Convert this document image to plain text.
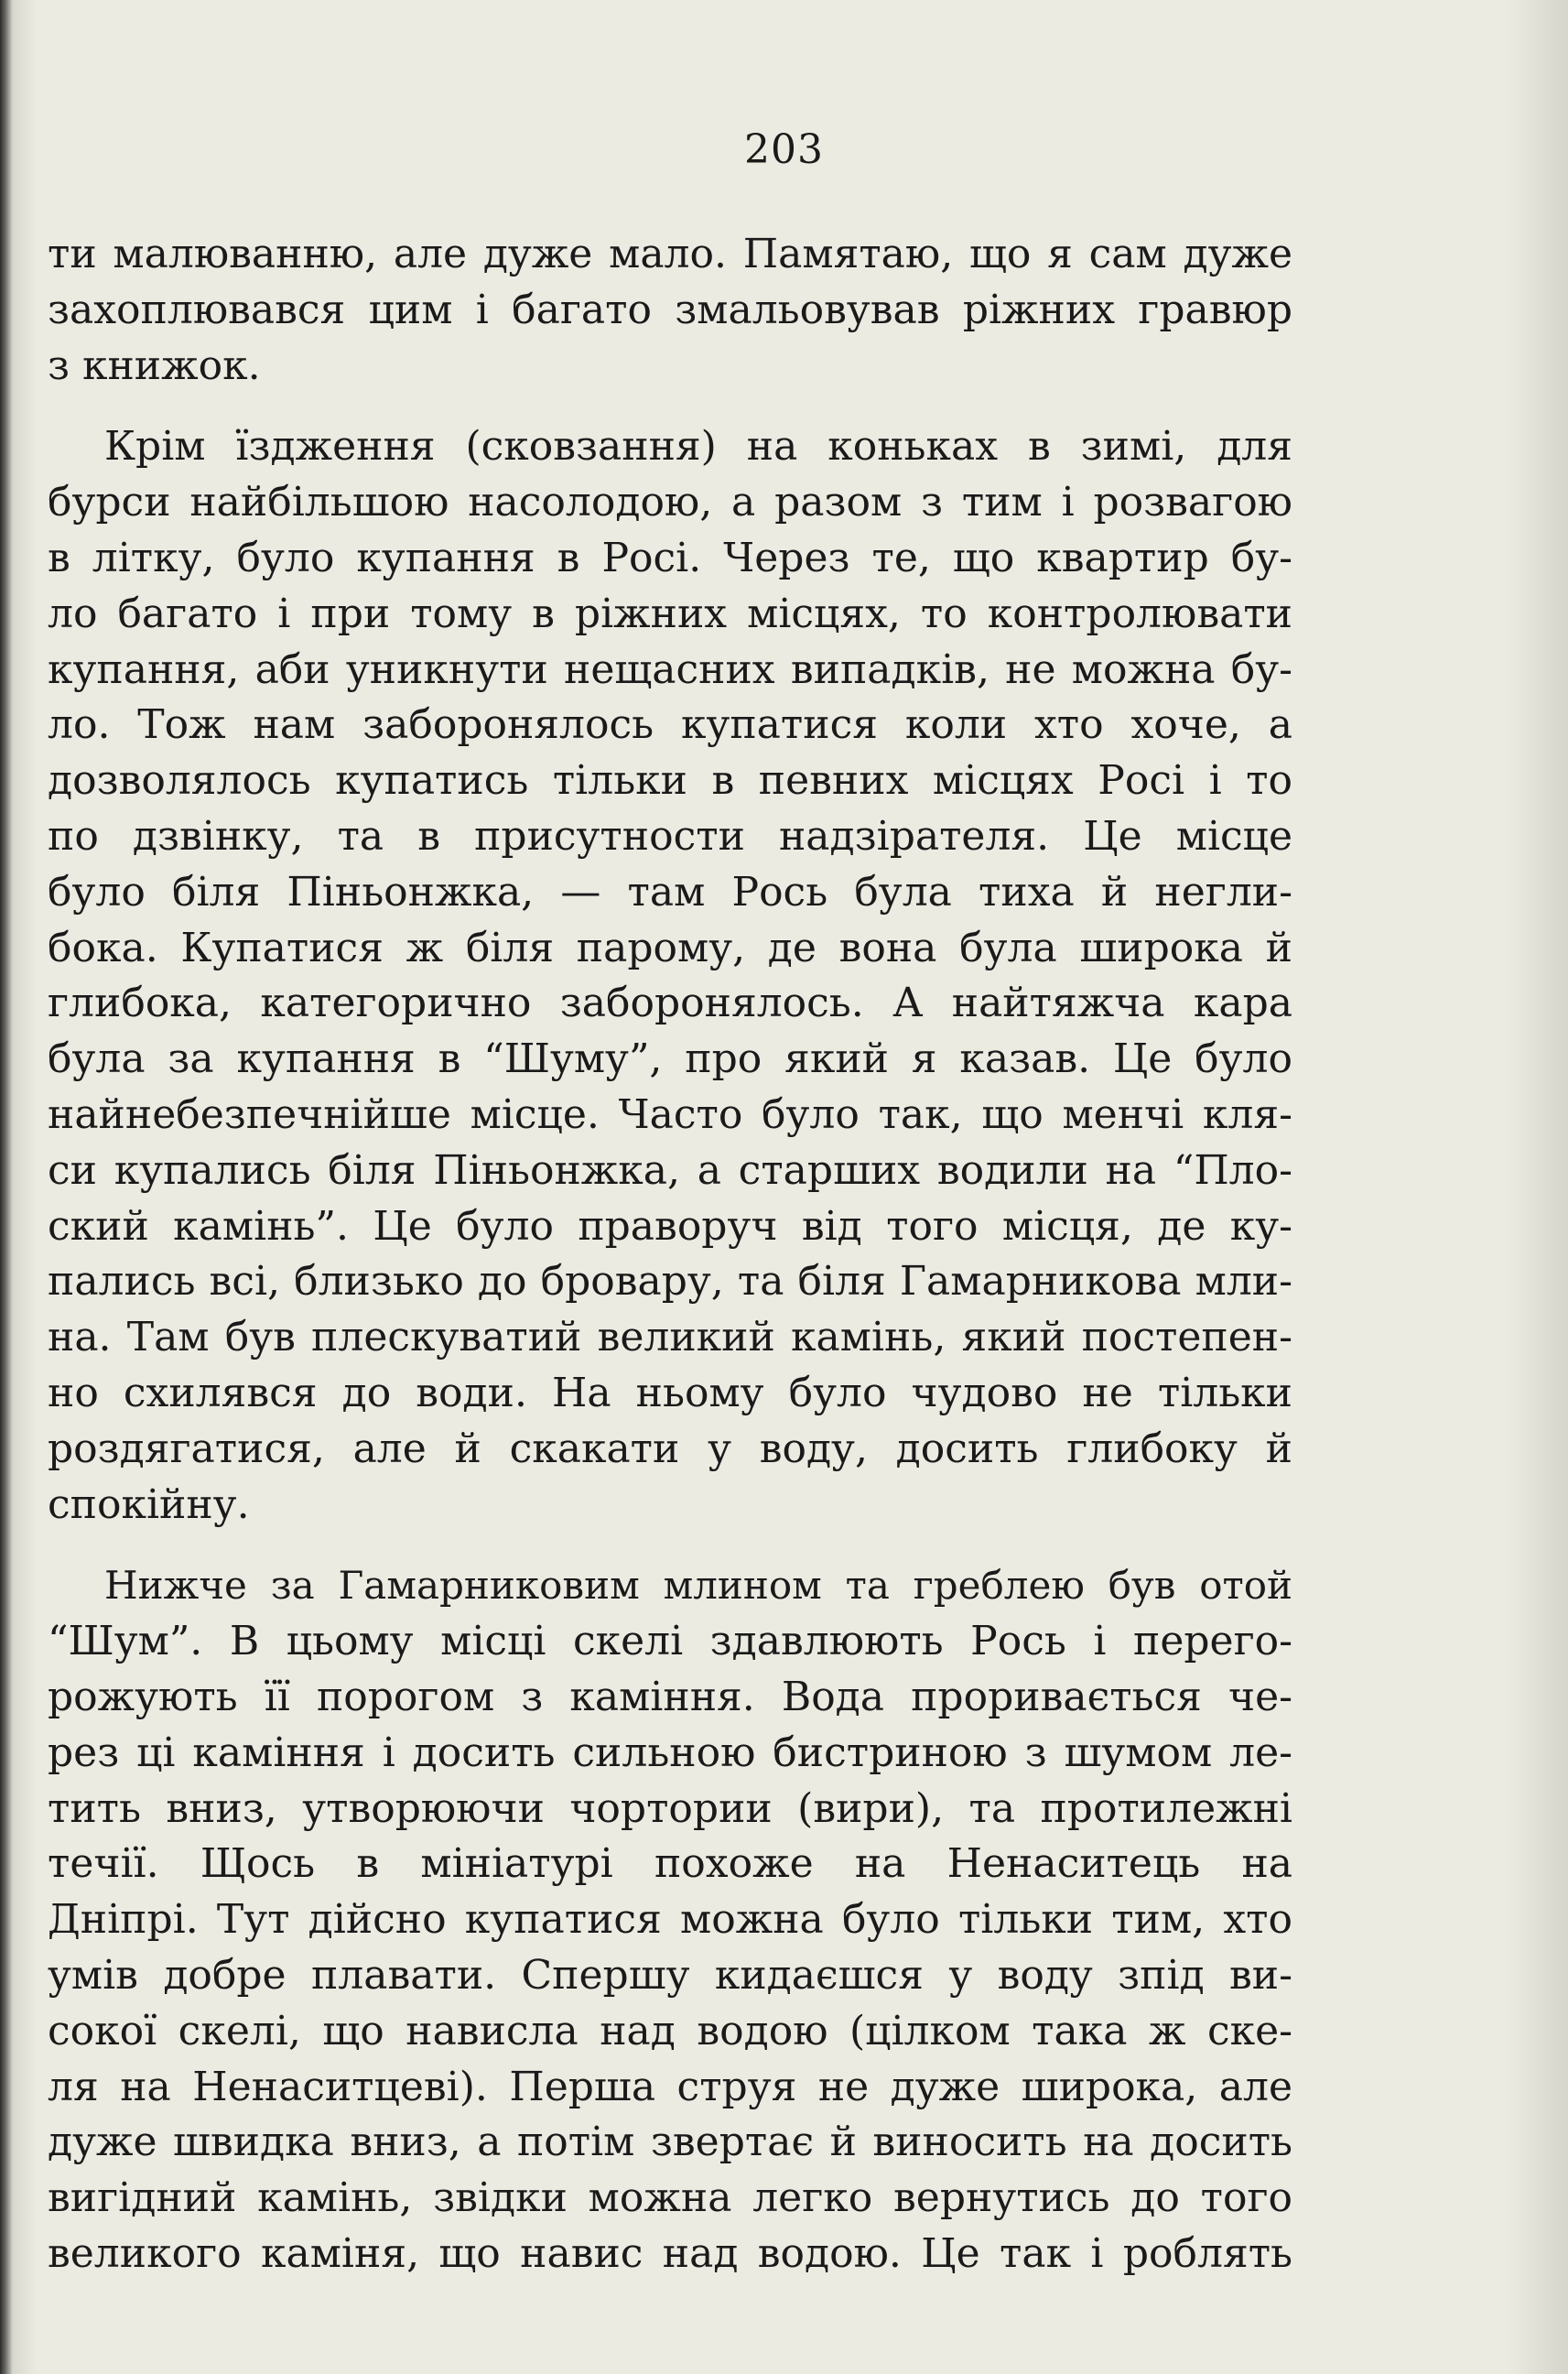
203
ти малюванню, але дуже мало. Памятаю, що я сам дуже
захоплювався цим і багато змальовував ріжних гравюр
з книжок.
Крім їздження (сковзання) на коньках в зимі, для
бурси найбільшою насолодою, а разом з тим і розвагою
в літку, було купання в Росі. Через те, що квартир бу-
ло багато і при тому в ріжних місцях, то контролювати
купання, аби уникнути нещасних випадків, не можна бу-
ло. Тож нам заборонялось купатися коли хто хоче, а
дозволялось купатись тільки в певних місцях Росі і то
по дзвінку, та в присутности надзірателя. Це місце
було біля Піньонжка, — там Рось була тиха й негли-
бока. Купатися ж біля парому, де вона була широка й
глибока, категорично заборонялось. А найтяжча кара
була за купання в “Шуму”, про який я казав. Це було
найнебезпечнійше місце. Часто було так, що менчі кля-
си купались біля Піньонжка, а старших водили на “Пло-
ский камінь”. Це було праворуч від того місця, де ку-
пались всі, близько до бровару, та біля Гамарникова мли-
на. Там був плескуватий великий камінь, який постепен-
но схилявся до води. На ньому було чудово не тільки
роздягатися, але й скакати у воду, досить глибоку й
спокійну.
Нижче за Гамарниковим млином та греблею був отой
“Шум”. В цьому місці скелі здавлюють Рось і перего-
рожують її порогом з каміння. Вода проривається че-
рез ці каміння і досить сильною бистриною з шумом ле-
тить вниз, утворюючи чортории (вири), та протилежні
течії. Щось в мініатурі похоже на Ненаситець на
Дніпрі. Тут дійсно купатися можна було тільки тим, хто
умів добре плавати. Спершу кидаєшся у воду зпід ви-
сокої скелі, що нависла над водою (цілком така ж ске-
ля на Ненаситцеві). Перша струя не дуже широка, але
дуже швидка вниз, а потім звертає й виносить на досить
вигідний камінь, звідки можна легко вернутись до того
великого каміня, що навис над водою. Це так і роблять
